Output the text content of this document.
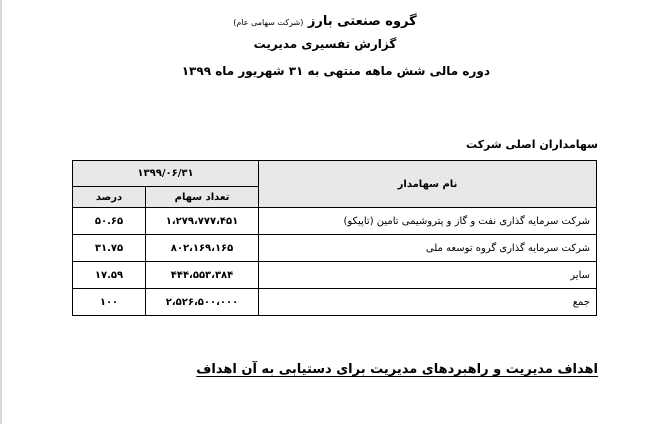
گروه صنعتی بارز (شرکت سهامی عام)
گزارش تفسیری مدیریت
دوره مالی شش ماهه منتهی به ۳۱ شهریور ماه ۱۳۹۹
سهامداران اصلی شرکت
نام سهامدار	۱۳۹۹/۰۶/۳۱	
	تعداد سهام	درصد
شرکت سرمایه گذاری نفت و گاز و پتروشیمی تامین (تاپیکو)	۱،۲۷۹،۷۷۷،۴۵۱	۵۰.۶۵
شرکت سرمایه گذاری گروه توسعه ملی	۸۰۲،۱۶۹،۱۶۵	۳۱.۷۵
سایر	۴۴۴،۵۵۳،۳۸۴	۱۷.۵۹
جمع	۲،۵۲۶،۵۰۰،۰۰۰	۱۰۰
اهداف مدیریت و راهبردهای مدیریت برای دستیابی به آن اهداف
